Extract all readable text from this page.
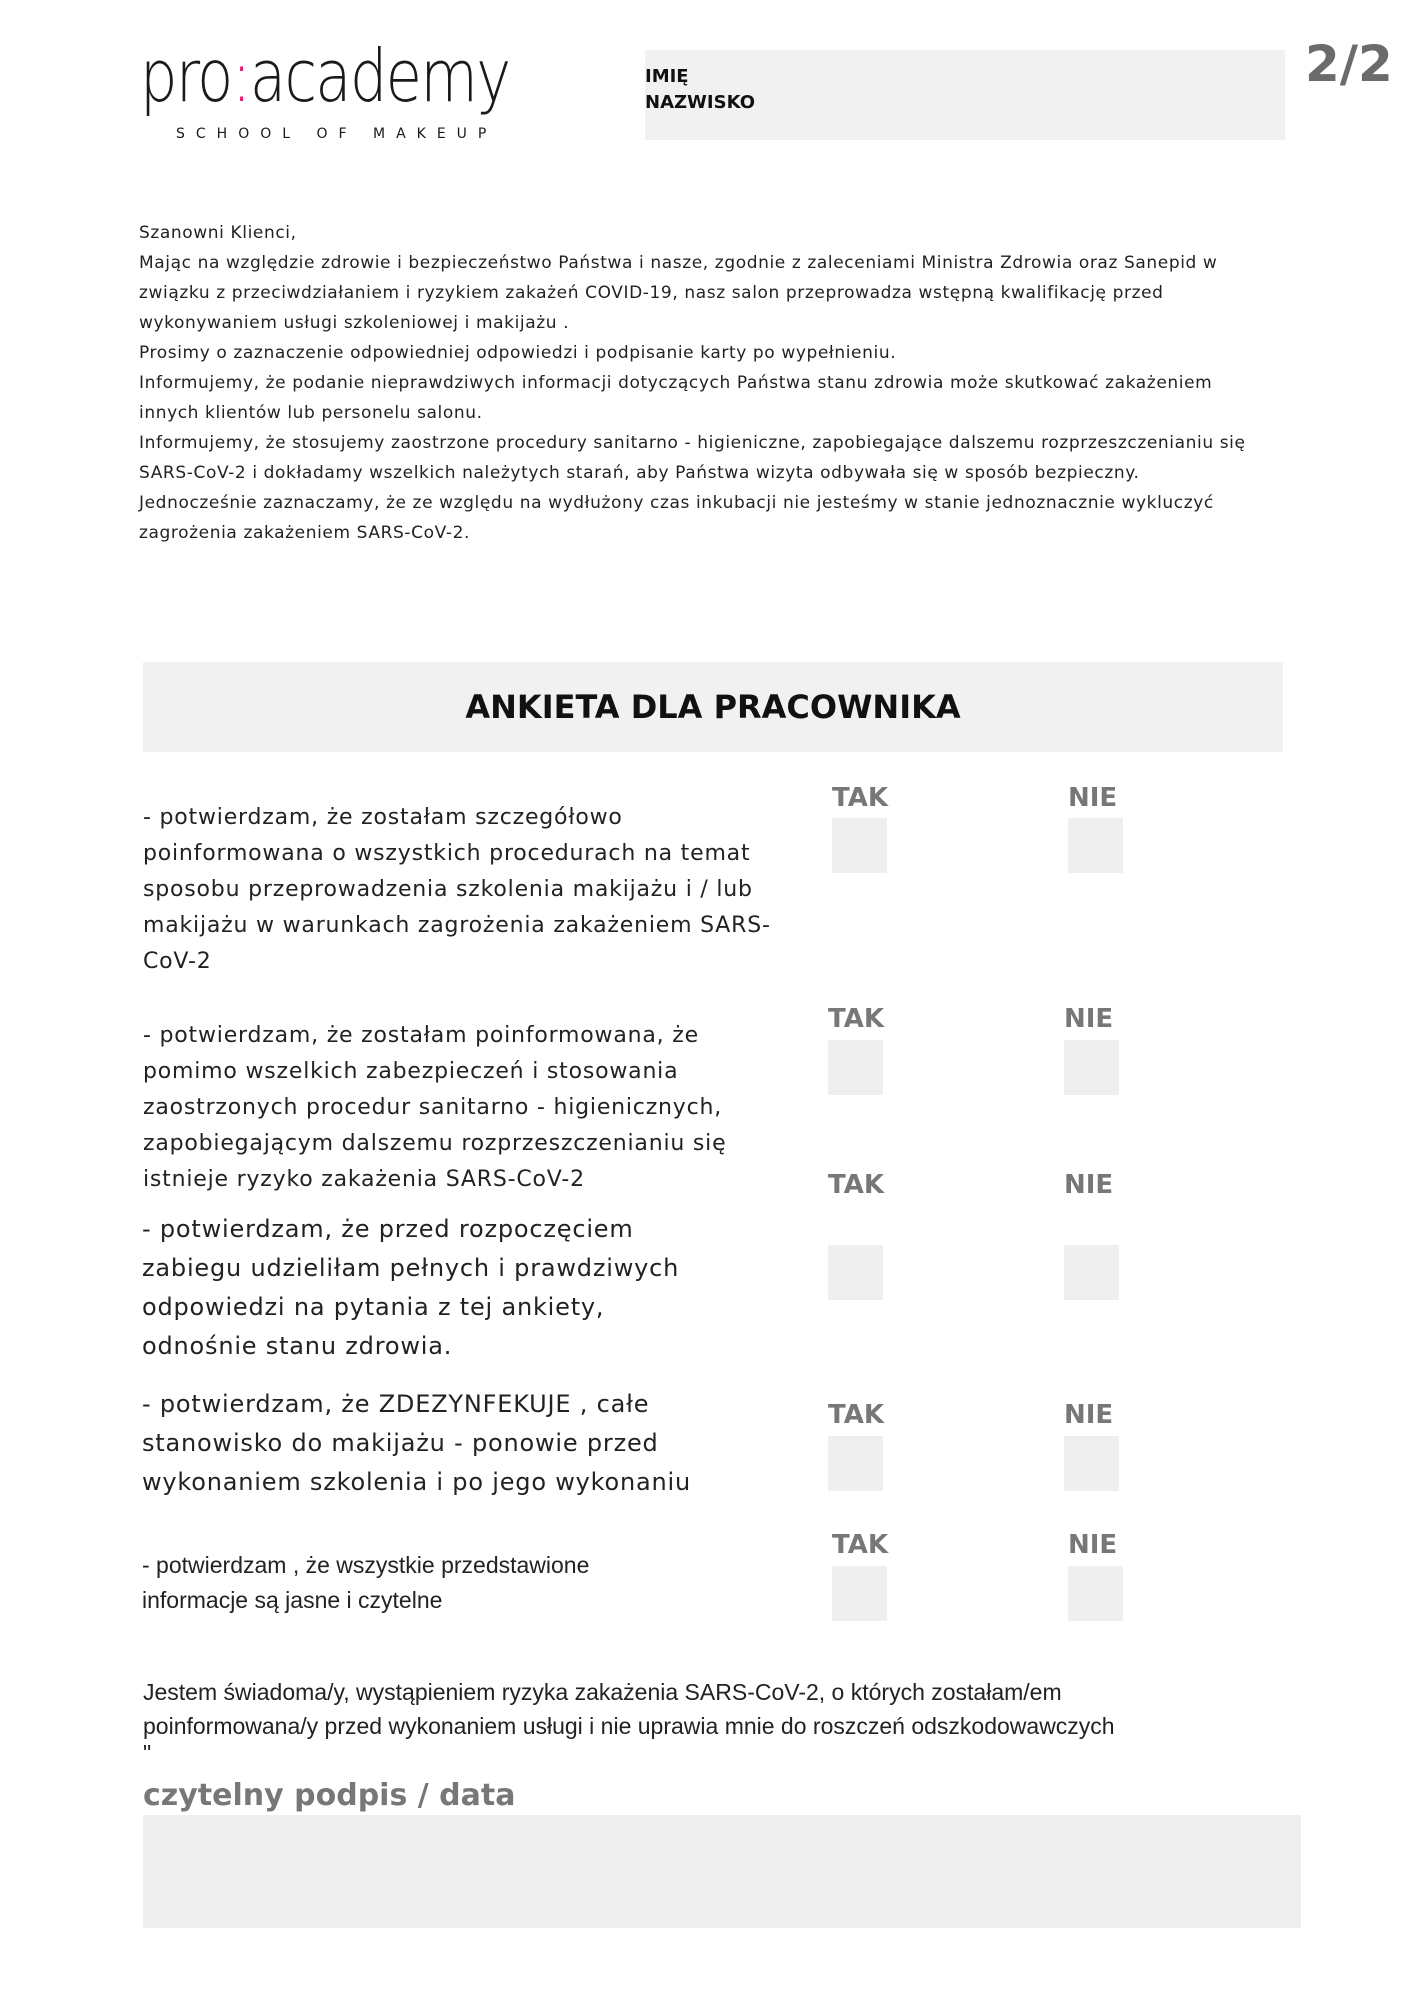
pro:academy
SCHOOL OF MAKEUP
IMIĘ
NAZWISKO
2/2

Szanowni Klienci,

Mając na względzie zdrowie i bezpieczeństwo Państwa i nasze, zgodnie z zaleceniami Ministra Zdrowia oraz Sanepid w

związku z przeciwdziałaniem i ryzykiem zakażeń COVID-19, nasz salon przeprowadza wstępną kwalifikację przed

wykonywaniem usługi szkoleniowej i makijażu .

Prosimy o zaznaczenie odpowiedniej odpowiedzi i podpisanie karty po wypełnieniu.

Informujemy, że podanie nieprawdziwych informacji dotyczących Państwa stanu zdrowia może skutkować zakażeniem

innych klientów lub personelu salonu.

Informujemy, że stosujemy zaostrzone procedury sanitarno - higieniczne, zapobiegające dalszemu rozprzeszczenianiu się

SARS-CoV-2 i dokładamy wszelkich należytych starań, aby Państwa wizyta odbywała się w sposób bezpieczny.

Jednocześnie zaznaczamy, że ze względu na wydłużony czas inkubacji nie jesteśmy w stanie jednoznacznie wykluczyć

zagrożenia zakażeniem SARS-CoV-2.

ANKIETA DLA PRACOWNIKA

- potwierdzam, że zostałam szczegółowo

poinformowana o wszystkich procedurach na temat

sposobu przeprowadzenia szkolenia makijażu i / lub

makijażu w warunkach zagrożenia zakażeniem SARS-

CoV-2

TAK	NIE

- potwierdzam, że zostałam poinformowana, że

pomimo wszelkich zabezpieczeń i stosowania

zaostrzonych procedur sanitarno - higienicznych,

zapobiegającym dalszemu rozprzeszczenianiu się

istnieje ryzyko zakażenia SARS-CoV-2

TAK	NIE

- potwierdzam, że przed rozpoczęciem

zabiegu udzieliłam pełnych i prawdziwych

odpowiedzi na pytania z tej ankiety,

odnośnie stanu zdrowia.

TAK	NIE

- potwierdzam, że ZDEZYNFEKUJE , całe

stanowisko do makijażu - ponowie przed

wykonaniem szkolenia i po jego wykonaniu

TAK	NIE

- potwierdzam , że wszystkie przedstawione

informacje są jasne i czytelne

TAK	NIE

Jestem świadoma/y, wystąpieniem ryzyka zakażenia SARS-CoV-2, o których zostałam/em

poinformowana/y przed wykonaniem usługi i nie uprawia mnie do roszczeń odszkodowawczych

"

czytelny podpis / data
